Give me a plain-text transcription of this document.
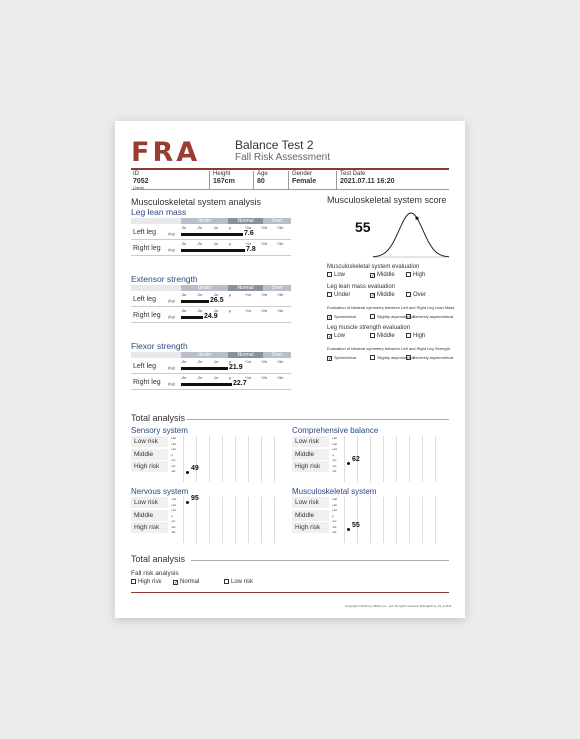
FRA	Balance Test 2
Fall Risk Assessment
ID
7052
(Jane)
Height
167cm
Age
80
Gender
Female
Test Date
2021.07.11 16:20
Musculoskeletal system analysis
Leg lean mass
Under	Normal	Over
Left leg	(kg)
-3σ	-2σ	-1σ	μ	+1σ	+2σ	+3σ
7.6
Right leg (kg)
-3σ	-2σ	-1σ	μ	+1σ	+2σ	+3σ
7.8
Extensor strength
Under	Normal	Over
Left leg	(kg)
-3σ	-2σ	-1σ	μ	+1σ	+2σ	+3σ
26.5
Right leg (kg)
-3σ	-2σ	-1σ	μ	+1σ	+2σ	+3σ
24.9
Flexor strength
Under	Normal	Over
Left leg	(kg)
-3σ	-2σ	-1σ	μ	+1σ	+2σ	+3σ
21.9
Right leg (kg)
-3σ	-2σ	-1σ	μ	+1σ	+2σ	+3σ
22.7
Musculoskeletal system score
55
Musculoskeletal system evaluation
Low	✓ Middle	High
Leg lean mass evaluation
Under	✓ Middle	Over
Evaluation of bilateral symmetry between Left and Right Leg Lean Mass
✓ Symmetrical	Slightly asymmetrical
Severely asymmetrical
Leg muscle strength evaluation
✓ Low	Middle	High
Evaluation of bilateral symmetry between Left and Right Leg Strength
✓ Symmetrical	Slightly asymmetrical
Severely asymmetrical
Total analysis
Sensory system
Low risk
Middle
High risk
+3σ
+2σ
+1σ
μ
-1σ
-2σ
-3σ 49
Comprehensive balance
Low risk
Middle
High risk
+3σ
+2σ
+1σ
μ
-1σ
-2σ
-3σ
62
Nervous system
Low risk
Middle
High risk
+3σ
+2σ
+1σ
μ
-1σ
-2σ
-3σ
95
Musculoskeletal system
Low risk
Middle
High risk
+3σ
+2σ
+1σ
μ
-1σ
-2σ
-3σ
55
Total analysis
Fall risk analysis
High risk	✓ Normal	Low risk
Copyright ©2022 by inBody Co., Ltd. All rights reserved. B-English-A_13_2-2111
